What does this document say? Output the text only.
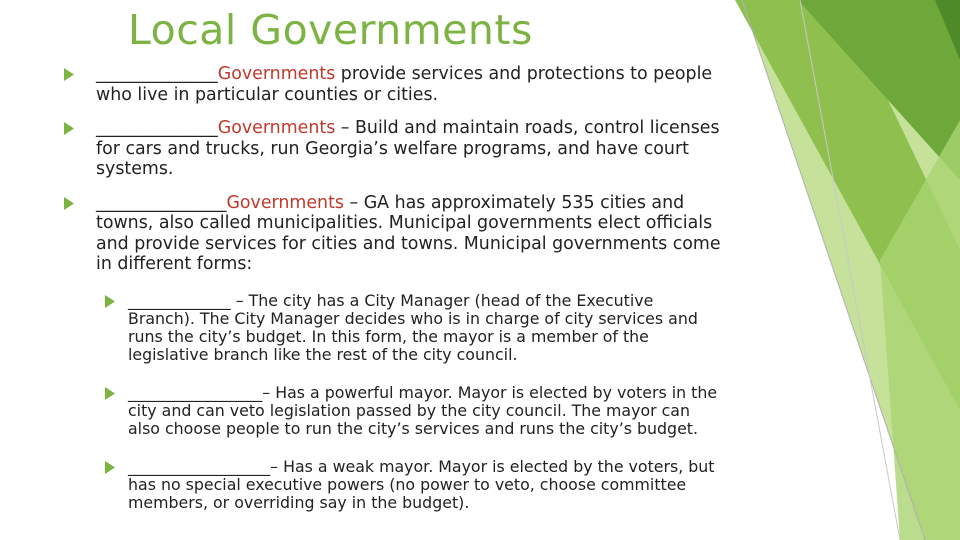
Local Governments
______________Governments provide services and protections to people who live in particular counties or cities.
______________Governments – Build and maintain roads, control licenses for cars and trucks, run Georgia’s welfare programs, and have court systems.
_______________Governments – GA has approximately 535 cities and towns, also called municipalities. Municipal governments elect officials and provide services for cities and towns. Municipal governments come in different forms:
_____________ – The city has a City Manager (head of the Executive Branch). The City Manager decides who is in charge of city services and runs the city’s budget. In this form, the mayor is a member of the legislative branch like the rest of the city council.
_________________– Has a powerful mayor. Mayor is elected by voters in the city and can veto legislation passed by the city council. The mayor can also choose people to run the city’s services and runs the city’s budget.
__________________– Has a weak mayor. Mayor is elected by the voters, but has no special executive powers (no power to veto, choose committee members, or overriding say in the budget).
